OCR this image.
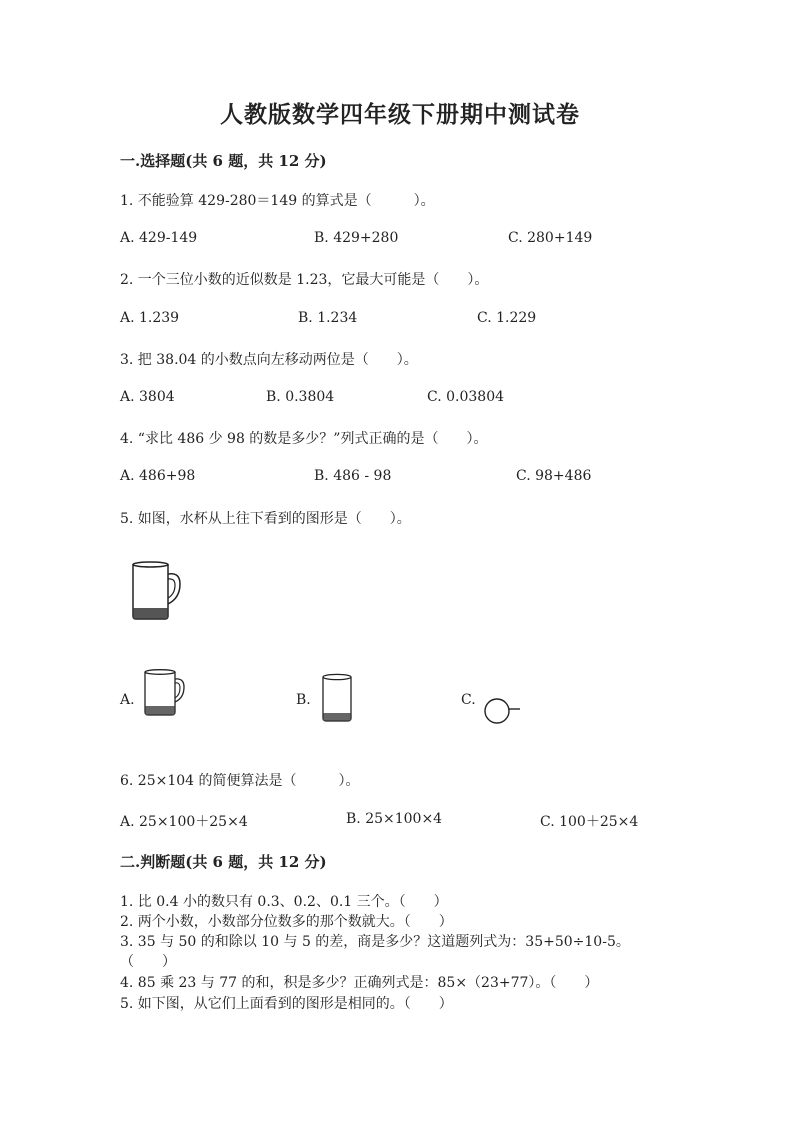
人教版数学四年级下册期中测试卷
一.选择题(共 6 题，共 12 分)
1. 不能验算 429-280＝149 的算式是（　　　）。
A. 429-149	B. 429+280	C. 280+149
2. 一个三位小数的近似数是 1.23，它最大可能是（　　）。
A. 1.239	B. 1.234	C. 1.229
3. 把 38.04 的小数点向左移动两位是（　　）。
A. 3804	B. 0.3804	C. 0.03804
4. “求比 486 少 98 的数是多少？”列式正确的是（　　）。
A. 486+98	B. 486 - 98	C. 98+486
5. 如图，水杯从上往下看到的图形是（　　）。
A.	B.	C.
6. 25×104 的简便算法是（　　　）。
A. 25×100＋25×4	B. 25×100×4	C. 100＋25×4
二.判断题(共 6 题，共 12 分)
1. 比 0.4 小的数只有 0.3、0.2、0.1 三个。（　　）
2. 两个小数，小数部分位数多的那个数就大。（　　）
3. 35 与 50 的和除以 10 与 5 的差，商是多少？这道题列式为：35+50÷10-5。
（　　）
4. 85 乘 23 与 77 的和，积是多少？正确列式是：85×（23+77）。（　　）
5. 如下图，从它们上面看到的图形是相同的。（　　）
